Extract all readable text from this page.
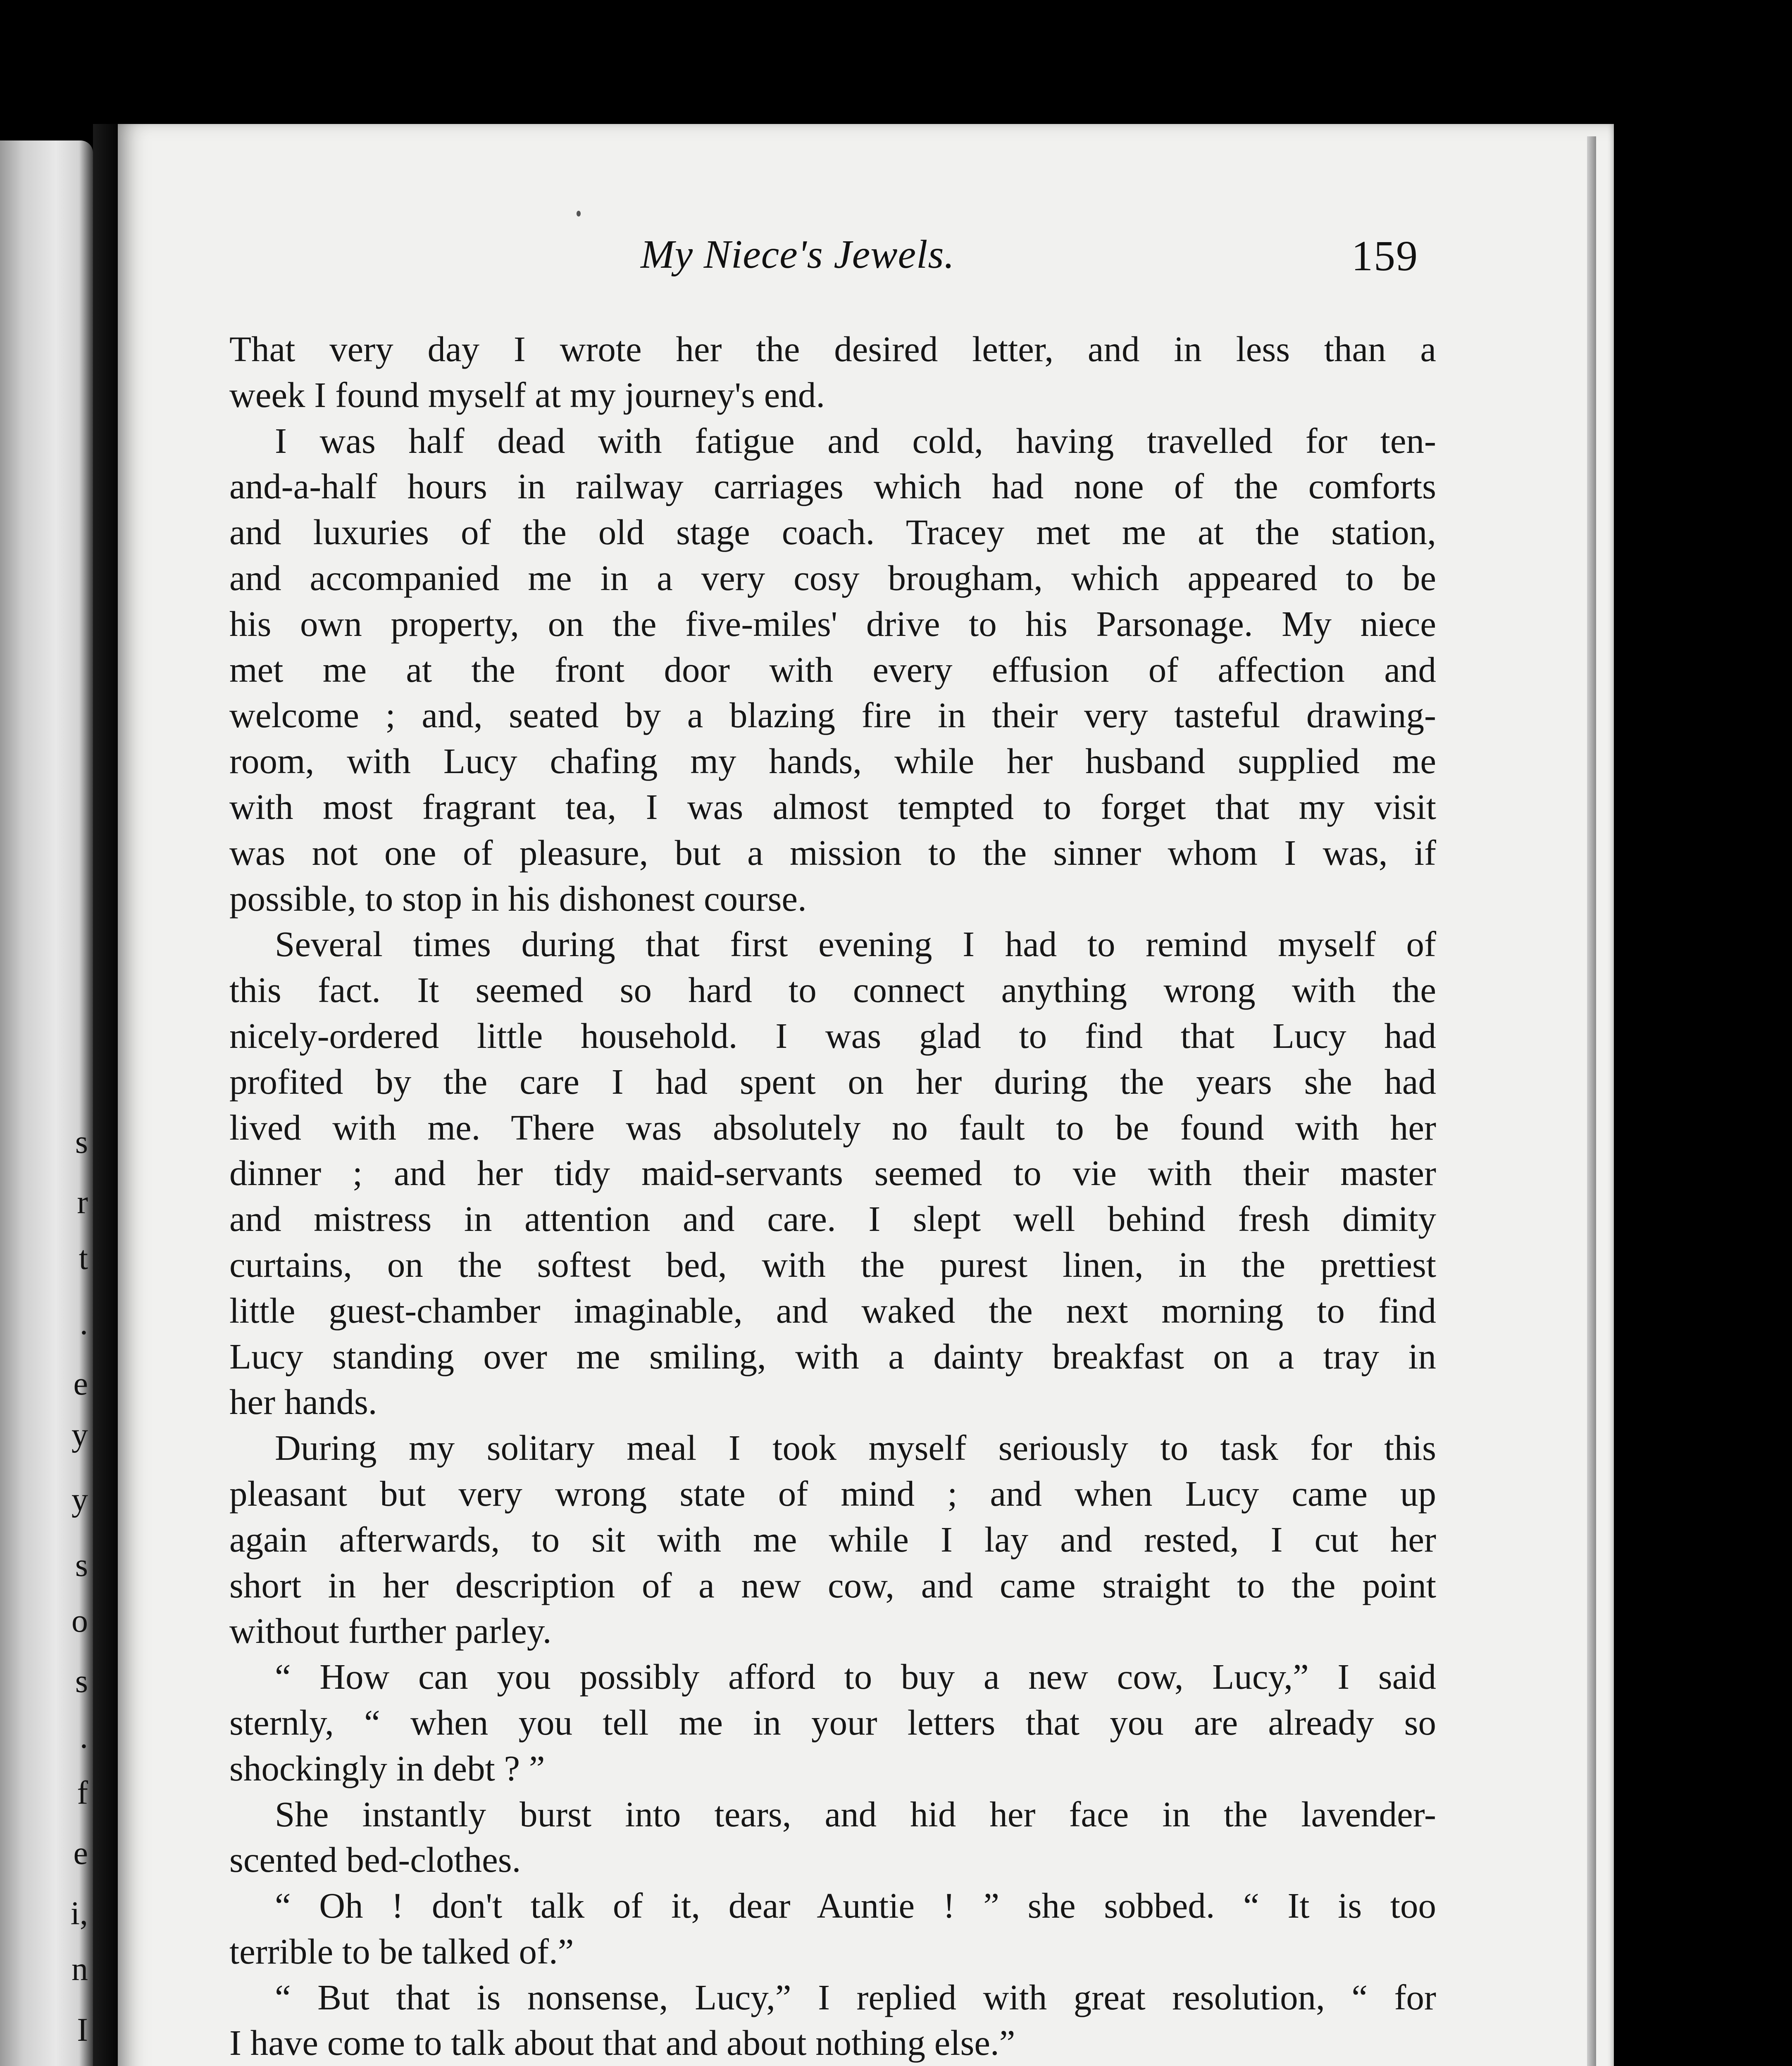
s
r
t
.
e
y
y
s
o
s
.
f
e
i,
n
I
My Niece's Jewels.	159
That very day I wrote her the desired letter, and in less than a
week I found myself at my journey's end.
I was half dead with fatigue and cold, having travelled for ten-
and-a-half hours in railway carriages which had none of the comforts
and luxuries of the old stage coach. Tracey met me at the station,
and accompanied me in a very cosy brougham, which appeared to be
his own property, on the five-miles' drive to his Parsonage. My niece
met me at the front door with every effusion of affection and
welcome ; and, seated by a blazing fire in their very tasteful drawing-
room, with Lucy chafing my hands, while her husband supplied me
with most fragrant tea, I was almost tempted to forget that my visit
was not one of pleasure, but a mission to the sinner whom I was, if
possible, to stop in his dishonest course.
Several times during that first evening I had to remind myself of
this fact. It seemed so hard to connect anything wrong with the
nicely-ordered little household. I was glad to find that Lucy had
profited by the care I had spent on her during the years she had
lived with me. There was absolutely no fault to be found with her
dinner ; and her tidy maid-servants seemed to vie with their master
and mistress in attention and care. I slept well behind fresh dimity
curtains, on the softest bed, with the purest linen, in the prettiest
little guest-chamber imaginable, and waked the next morning to find
Lucy standing over me smiling, with a dainty breakfast on a tray in
her hands.
During my solitary meal I took myself seriously to task for this
pleasant but very wrong state of mind ; and when Lucy came up
again afterwards, to sit with me while I lay and rested, I cut her
short in her description of a new cow, and came straight to the point
without further parley.
“ How can you possibly afford to buy a new cow, Lucy,” I said
sternly, “ when you tell me in your letters that you are already so
shockingly in debt ? ”
She instantly burst into tears, and hid her face in the lavender-
scented bed-clothes.
“ Oh ! don't talk of it, dear Auntie ! ” she sobbed. “ It is too
terrible to be talked of.”
“ But that is nonsense, Lucy,” I replied with great resolution, “ for
I have come to talk about that and about nothing else.”
